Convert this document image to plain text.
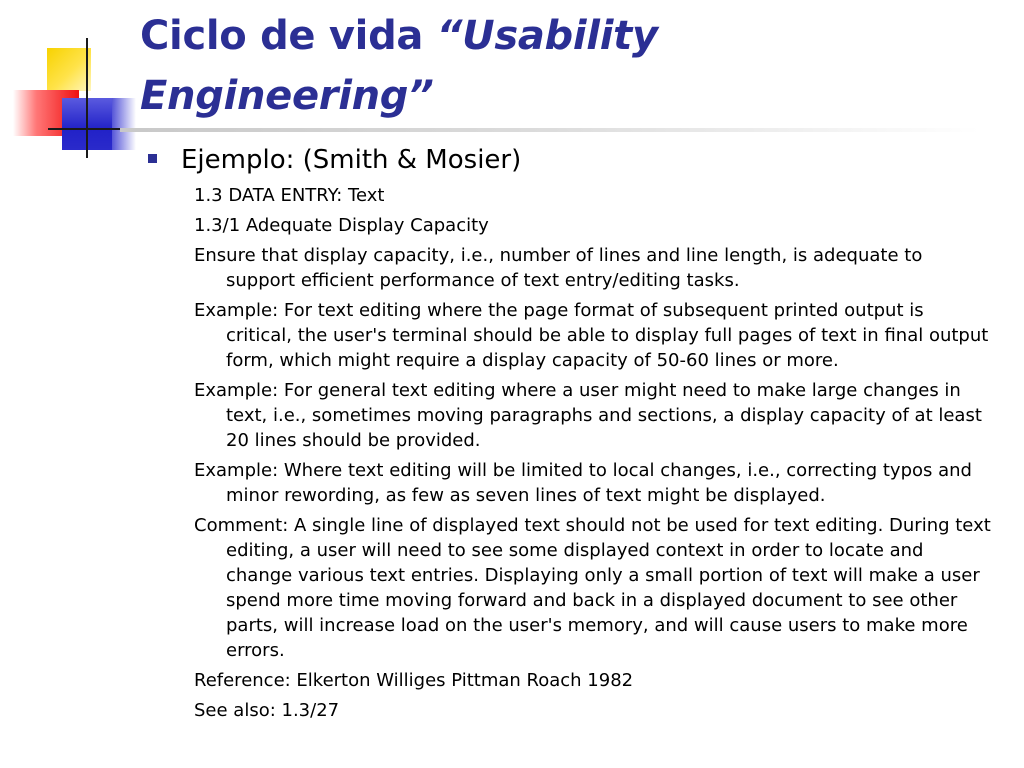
Ciclo de vida “Usability Engineering”

Ejemplo: (Smith & Mosier)

1.3 DATA ENTRY: Text
1.3/1 Adequate Display Capacity
Ensure that display capacity, i.e., number of lines and line length, is adequate to support efficient performance of text entry/editing tasks.
Example: For text editing where the page format of subsequent printed output is critical, the user's terminal should be able to display full pages of text in final output form, which might require a display capacity of 50-60 lines or more.
Example: For general text editing where a user might need to make large changes in text, i.e., sometimes moving paragraphs and sections, a display capacity of at least 20 lines should be provided.
Example: Where text editing will be limited to local changes, i.e., correcting typos and minor rewording, as few as seven lines of text might be displayed.
Comment: A single line of displayed text should not be used for text editing. During text editing, a user will need to see some displayed context in order to locate and change various text entries. Displaying only a small portion of text will make a user spend more time moving forward and back in a displayed document to see other parts, will increase load on the user's memory, and will cause users to make more errors.
Reference: Elkerton Williges Pittman Roach 1982
See also: 1.3/27
